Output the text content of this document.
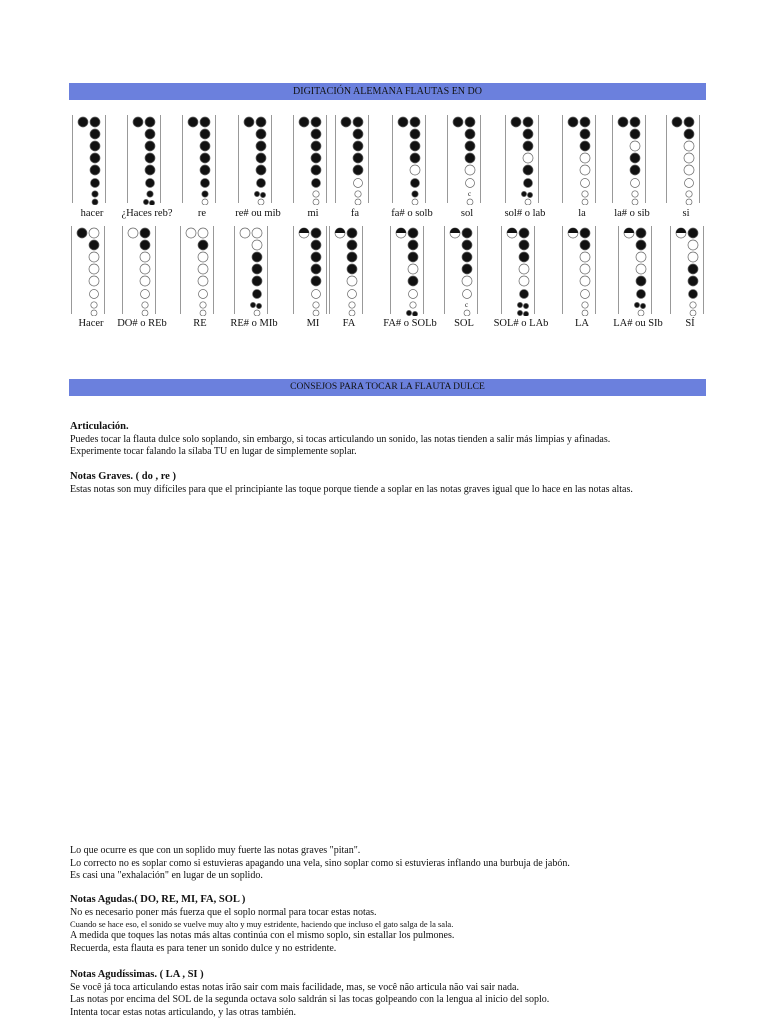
DIGITACIÓN ALEMANA FLAUTAS EN DO
hacer ¿Haces reb? re	re# ou mib	mi	fa	fa# o solb
c
sol	sol# o lab	la	la# o sib	si
Hacer DO# o REb	RE RE# o MIb	MI FA	FA# o SOLb
c
SOL SOL# o LAb	LA LA# ou SIb SÍ
CONSEJOS PARA TOCAR LA FLAUTA DULCE

Articulación.

Puedes tocar la flauta dulce solo soplando, sin embargo, si tocas articulando un sonido, las notas tienden a salir más limpias y afinadas.

Experimente tocar falando la sílaba TU en lugar de simplemente soplar.

Notas Graves. ( do , re )

Estas notas son muy difíciles para que el principiante las toque porque tiende a soplar en las notas graves igual que lo hace en las notas altas.

Lo que ocurre es que con un soplido muy fuerte las notas graves "pitan".

Lo correcto no es soplar como si estuvieras apagando una vela, sino soplar como si estuvieras inflando una burbuja de jabón.

Es casi una "exhalación" en lugar de un soplido.

Notas Agudas.( DO, RE, MI, FA, SOL )

No es necesario poner más fuerza que el soplo normal para tocar estas notas.

Cuando se hace eso, el sonido se vuelve muy alto y muy estridente, haciendo que incluso el gato salga de la sala.

A medida que toques las notas más altas continúa con el mismo soplo, sin estallar los pulmones.

Recuerda, esta flauta es para tener un sonido dulce y no estridente.

Notas Agudíssimas. ( LA , SI )

Se você já toca articulando estas notas irão sair com mais facilidade, mas, se você não articula não vai sair nada.

Las notas por encima del SOL de la segunda octava solo saldrán si las tocas golpeando con la lengua al inicio del soplo.

Intenta tocar estas notas articulando, y las otras también.
